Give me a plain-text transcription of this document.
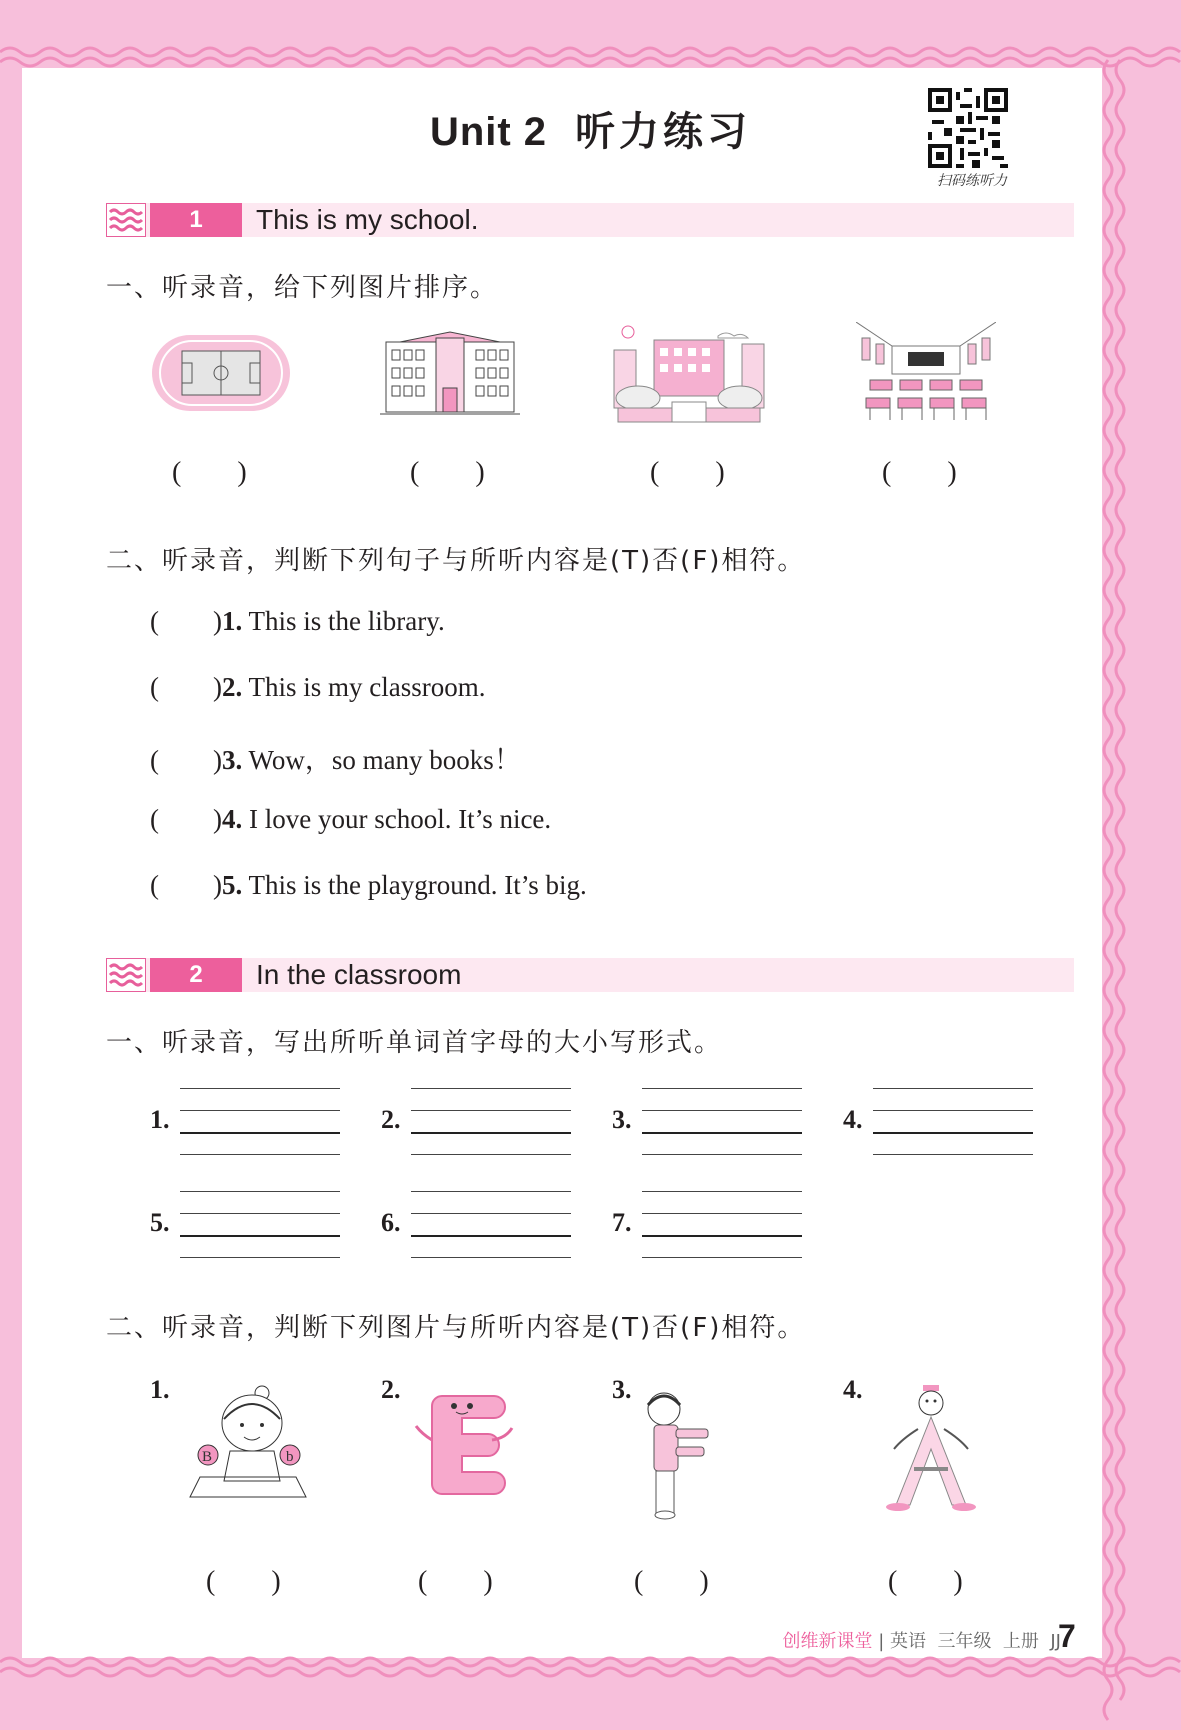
Unit 2 听力练习
扫码练听力
1	This is my school.
一、听录音，给下列图片排序。
(        )	(        )	(        )	(        )
二、听录音，判断下列句子与所听内容是(T)否(F)相符。
(        )1. This is the library.
(        )2. This is my classroom.
(        )3. Wow，so many books！
(        )4. I love your school. It’s nice.
(        )5. This is the playground. It’s big.
2	In the classroom
一、听录音，写出所听单词首字母的大小写形式。
1.	2.	3.	4.
5.	6.	7.
二、听录音，判断下列图片与所听内容是(T)否(F)相符。
1.
B	b
2.	3.	4.
(        )	(        )	(        )	(        )
创维新课堂 | 英语 三年级 上册 JJ
7
